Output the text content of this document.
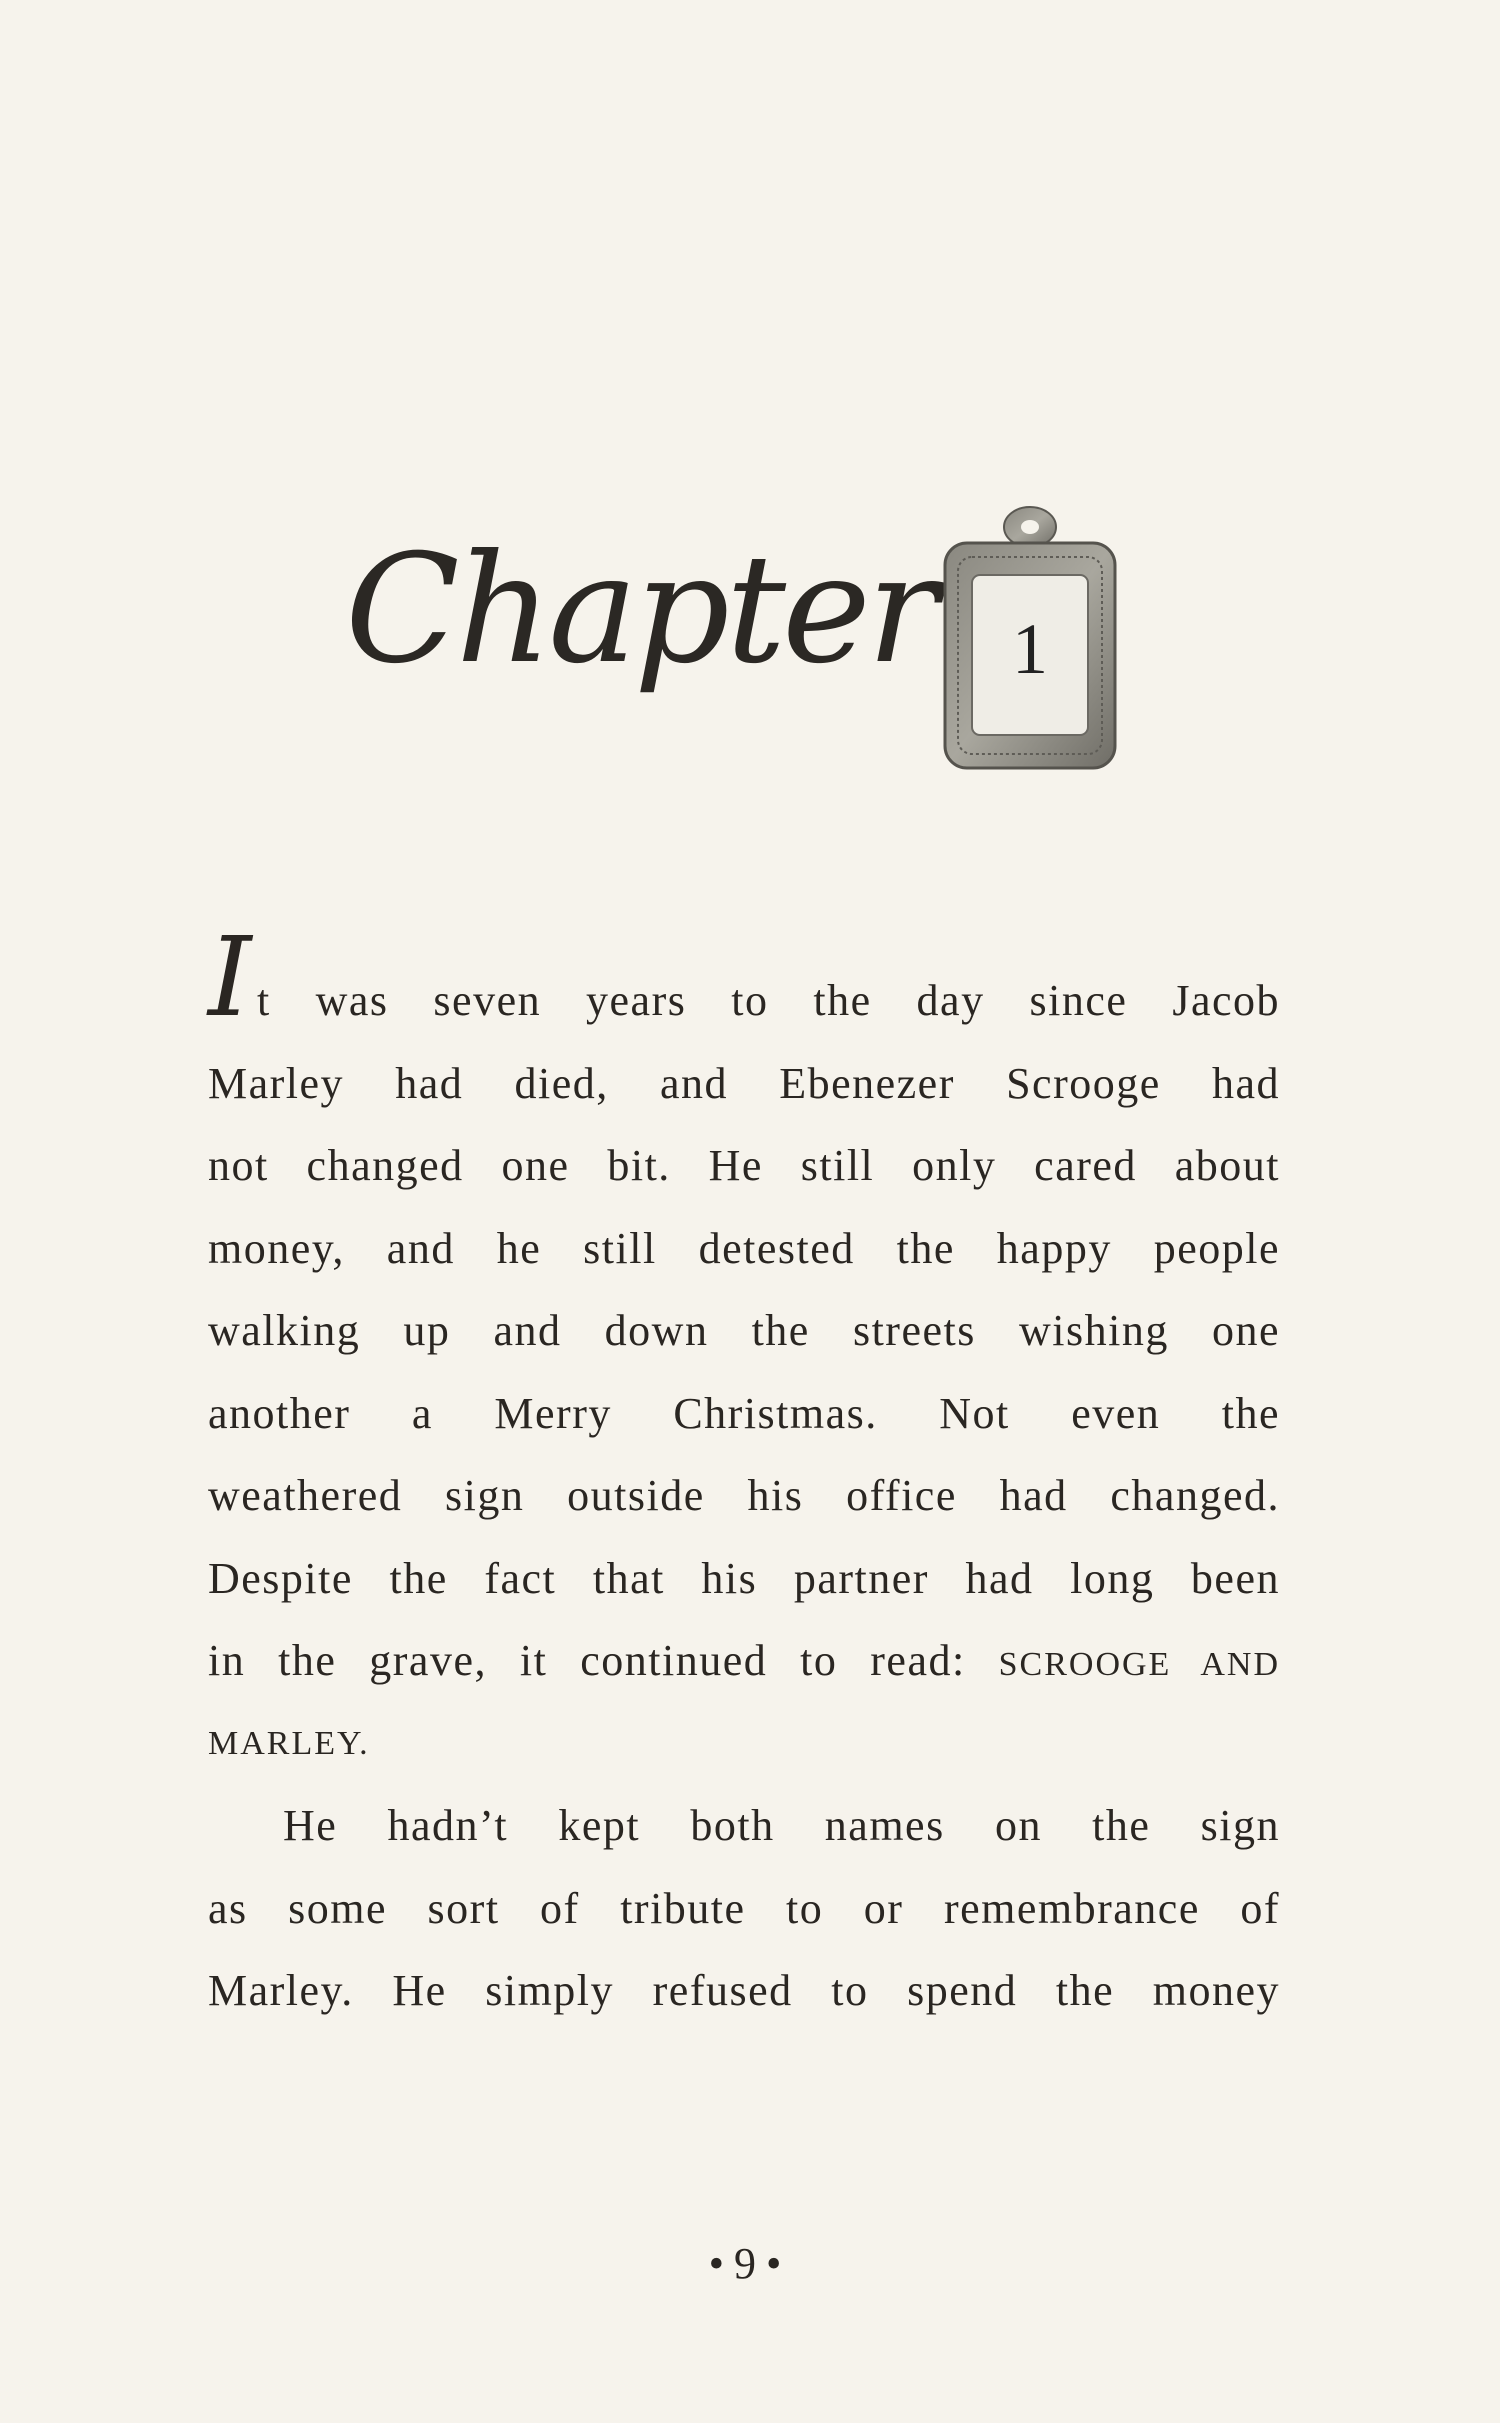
Chapter	1
It was seven years to the day since Jacob
Marley had died, and Ebenezer Scrooge had
not changed one bit. He still only cared about
money, and he still detested the happy people
walking up and down the streets wishing one
another a Merry Christmas. Not even the
weathered sign outside his office had changed.
Despite the fact that his partner had long been
in the grave, it continued to read: SCROOGE AND
MARLEY.
He hadn’t kept both names on the sign
as some sort of tribute to or remembrance of
Marley. He simply refused to spend the money
•9•
